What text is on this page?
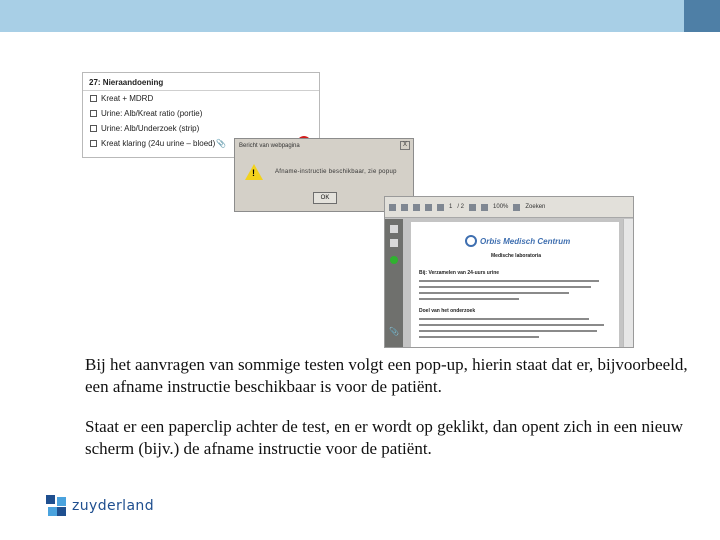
27: Nieraandoening
Kreat + MDRD
Urine: Alb/Kreat ratio (portie)
Urine: Alb/Underzoek (strip)
Kreat klaring (24u urine – bloed) 📎 Bericht van webpagina	X
!	Afname-instructie beschikbaar, zie popup
OK
1 / 2	100%	Zoeken
📎
Orbis Medisch Centrum
Medische laboratoria
Bij: Verzamelen van 24-uurs urine
Doel van het onderzoek

Bij het aanvragen van sommige testen volgt een pop-up, hierin staat dat er, bijvoorbeeld, een afname instructie beschikbaar is voor de patiënt.

Staat er een paperclip achter de test, en er wordt op geklikt, dan opent zich in een nieuw scherm (bijv.) de afname instructie voor de patiënt.

zuyderland
